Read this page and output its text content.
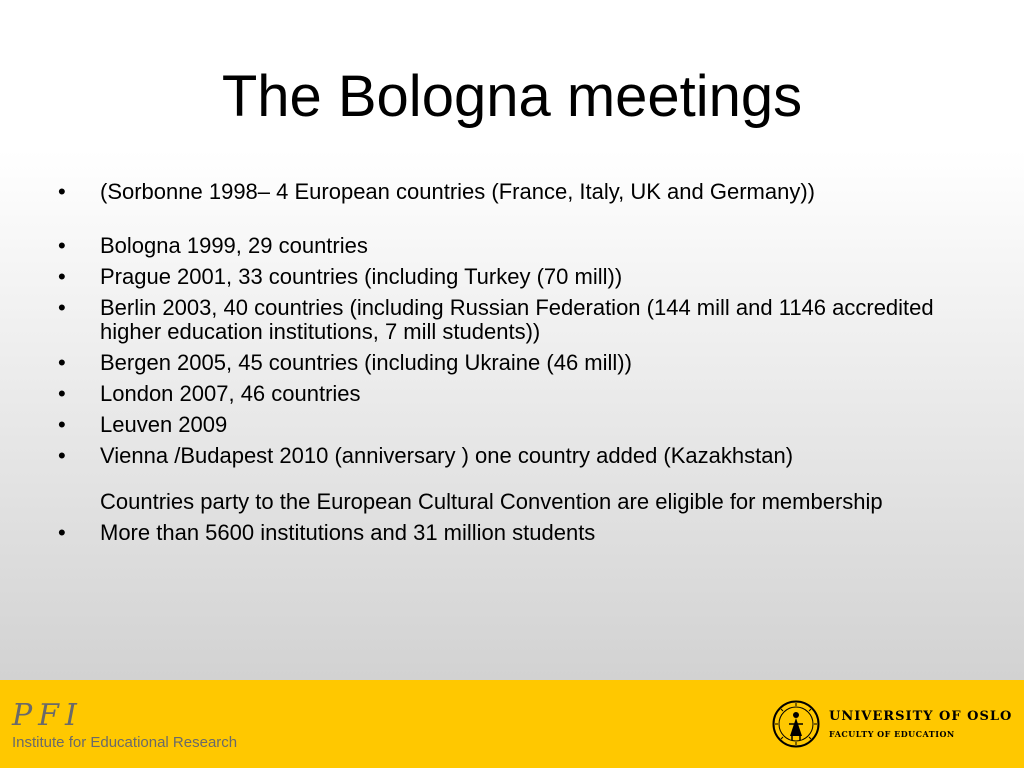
The Bologna meetings
•	(Sorbonne 1998– 4 European countries (France, Italy, UK and Germany))
•	Bologna 1999, 29 countries
•	Prague 2001, 33 countries (including Turkey (70 mill))
•	Berlin 2003, 40 countries (including Russian Federation (144 mill and 1146 accredited higher education institutions, 7 mill students))
•	Bergen 2005, 45 countries (including Ukraine (46 mill))
•	London 2007, 46 countries
•	Leuven 2009
•	Vienna /Budapest 2010 (anniversary ) one country added (Kazakhstan)
Countries party to the European Cultural Convention are eligible for membership
•	More than 5600 institutions and 31 million students
PFI
Institute for Educational Research
UNIVERSITY OF OSLO
FACULTY OF EDUCATION
